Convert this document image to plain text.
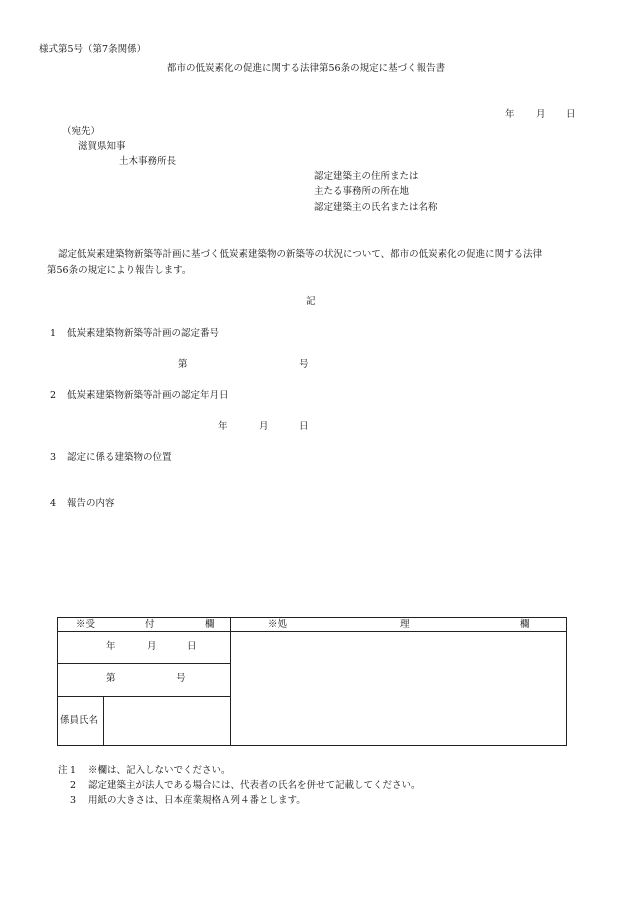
様式第5号（第7条関係）
都市の低炭素化の促進に関する法律第56条の規定に基づく報告書
年 月 日
（宛先）
滋賀県知事
土木事務所長
認定建築主の住所または
主たる事務所の所在地
認定建築主の氏名または名称
認定低炭素建築物新築等計画に基づく低炭素建築物の新築等の状況について、都市の低炭素化の促進に関する法律
第56条の規定により報告します。
記
1 低炭素建築物新築等計画の認定番号
第	号
2 低炭素建築物新築等計画の認定年月日
年	月	日
3 認定に係る建築物の位置
4 報告の内容
※受 付 欄		※処 理 欄

年 月 日		

第 号		

係員氏名		

注 1 ※欄は、記入しないでください。
2 認定建築主が法人である場合には、代表者の氏名を併せて記載してください。
3 用紙の大きさは、日本産業規格Ａ列４番とします。
